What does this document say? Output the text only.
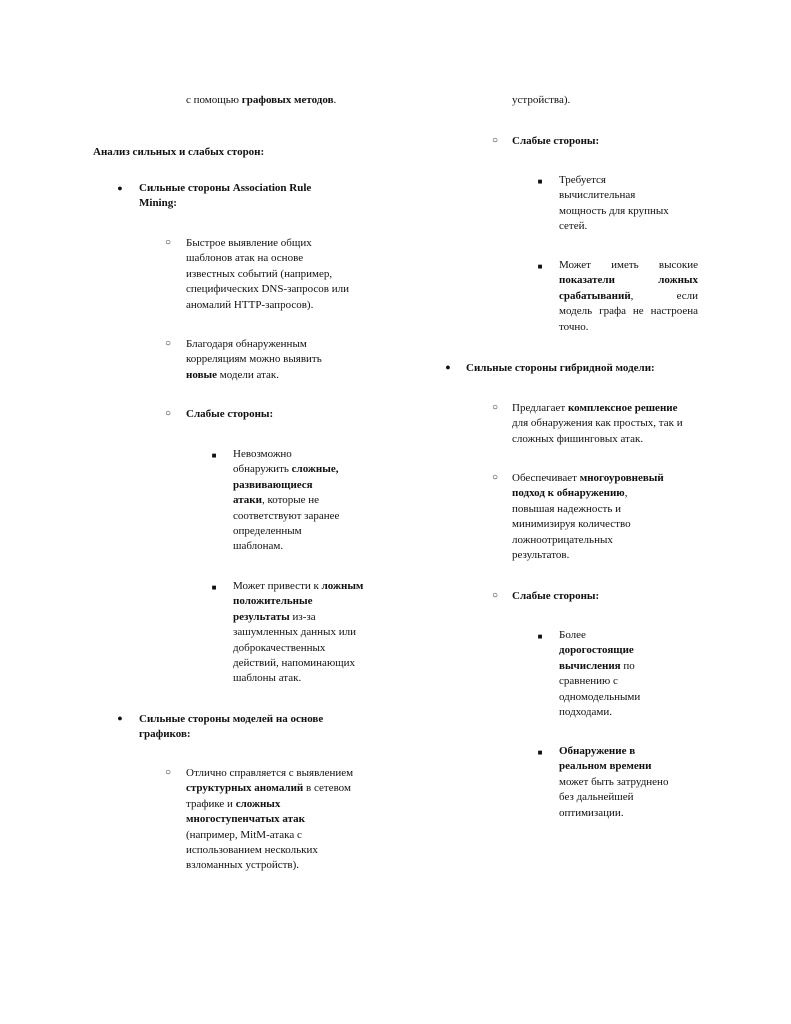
с помощью графовых методов.
Анализ сильных и слабых сторон:
●	Сильные стороны Association Rule
Mining:
○	Быстрое выявление общих
шаблонов атак на основе
известных событий (например,
специфических DNS-запросов или
аномалий HTTP-запросов).
○	Благодаря обнаруженным
корреляциям можно выявить
новые модели атак.
○	Слабые стороны:
■	Невозможно
обнаружить сложные,
развивающиеся
атаки, которые не
соответствуют заранее
определенным
шаблонам.
■	Может привести к ложным
положительные
результаты из-за
зашумленных данных или
доброкачественных
действий, напоминающих
шаблоны атак.
●	Сильные стороны моделей на основе
графиков:
○	Отлично справляется с выявлением
структурных аномалий в сетевом
трафике и сложных
многоступенчатых атак
(например, MitM-атака с
использованием нескольких
взломанных устройств).
устройства).
○	Слабые стороны:
■	Требуется
вычислительная
мощность для крупных
сетей.
■	Может иметь высокие
показатели ложных
срабатываний, если
модель графа не настроена
точно.
●	Сильные стороны гибридной модели:
○	Предлагает комплексное решение
для обнаружения как простых, так и
сложных фишинговых атак.
○	Обеспечивает многоуровневый
подход к обнаружению,
повышая надежность и
минимизируя количество
ложноотрицательных
результатов.
○	Слабые стороны:
■	Более
дорогостоящие
вычисления по
сравнению с
одномодельными
подходами.
■	Обнаружение в
реальном времени
может быть затруднено
без дальнейшей
оптимизации.
